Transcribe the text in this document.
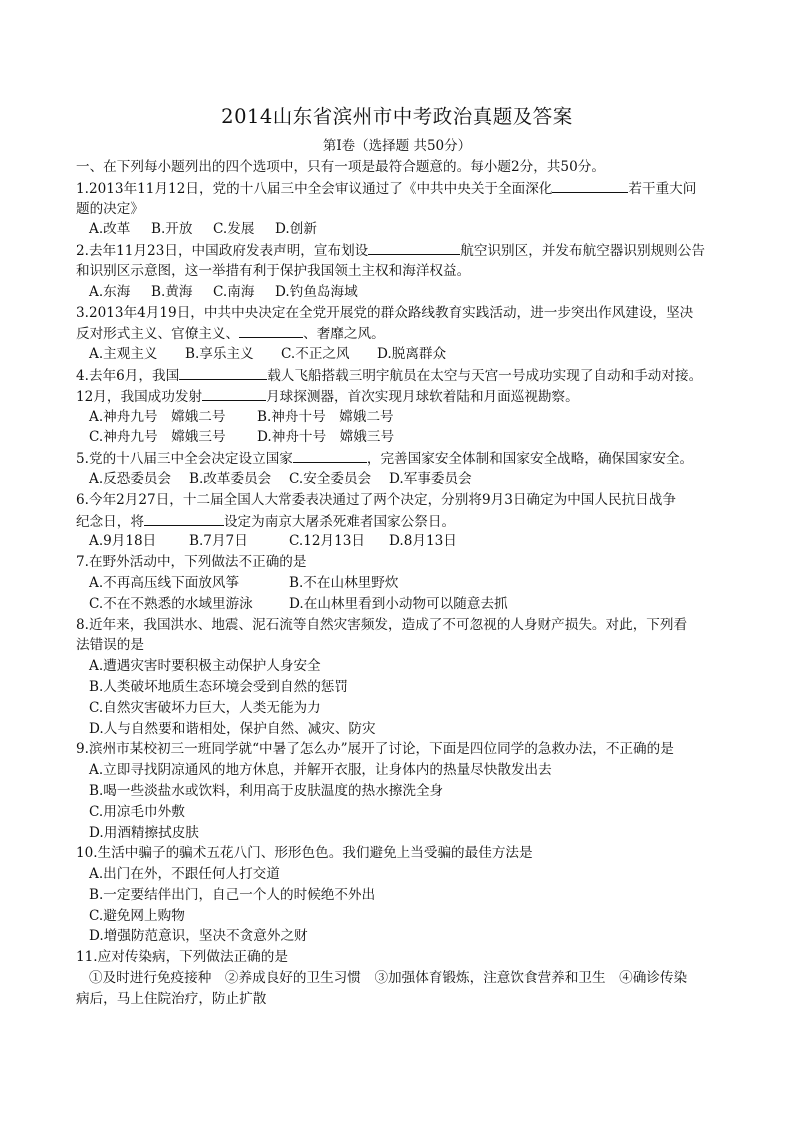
2014山东省滨州市中考政治真题及答案
第Ⅰ卷（选择题 共50分）
一、在下列每小题列出的四个选项中，只有一项是最符合题意的。每小题2分，共50分。
1.2013年11月12日，党的十八届三中全会审议通过了《中共中央关于全面深化	若干重大问
题的决定》
A.改革 B.开放 C.发展 D.创新
2.去年11月23日，中国政府发表声明，宣布划设	航空识别区，并发布航空器识别规则公告
和识别区示意图，这一举措有利于保护我国领土主权和海洋权益。
A.东海 B.黄海 C.南海 D.钓鱼岛海域
3.2013年4月19日，中共中央决定在全党开展党的群众路线教育实践活动，进一步突出作风建设，坚决
反对形式主义、官僚主义、	、奢靡之风。
A.主观主义 B.享乐主义 C.不正之风 D.脱离群众
4.去年6月，我国	载人飞船搭载三明宇航员在太空与天宫一号成功实现了自动和手动对接。
12月，我国成功发射	月球探测器，首次实现月球软着陆和月面巡视勘察。
A.神舟九号　嫦娥二号 B.神舟十号　嫦娥二号
C.神舟九号　嫦娥三号 D.神舟十号　嫦娥三号
5.党的十八届三中全会决定设立国家	，完善国家安全体制和国家安全战略，确保国家安全。
A.反恐委员会 B.改革委员会 C.安全委员会 D.军事委员会
6.今年2月27日，十二届全国人大常委表决通过了两个决定，分别将9月3日确定为中国人民抗日战争
纪念日，将	设定为南京大屠杀死难者国家公祭日。
A.9月18日 B.7月7日	C.12月13日 D.8月13日
7.在野外活动中，下列做法不正确的是
A.不再高压线下面放风筝	B.不在山林里野炊
C.不在不熟悉的水域里游泳	D.在山林里看到小动物可以随意去抓
8.近年来，我国洪水、地震、泥石流等自然灾害频发，造成了不可忽视的人身财产损失。对此，下列看
法错误的是
A.遭遇灾害时要积极主动保护人身安全
B.人类破坏地质生态环境会受到自然的惩罚
C.自然灾害破坏力巨大，人类无能为力
D.人与自然要和谐相处，保护自然、减灾、防灾
9.滨州市某校初三一班同学就“中暑了怎么办”展开了讨论，下面是四位同学的急救办法，不正确的是
A.立即寻找阴凉通风的地方休息，并解开衣服，让身体内的热量尽快散发出去
B.喝一些淡盐水或饮料，利用高于皮肤温度的热水擦洗全身
C.用凉毛巾外敷
D.用酒精擦拭皮肤
10.生活中骗子的骗术五花八门、形形色色。我们避免上当受骗的最佳方法是
A.出门在外，不跟任何人打交道
B.一定要结伴出门，自己一个人的时候绝不外出
C.避免网上购物
D.增强防范意识，坚决不贪意外之财
11.应对传染病，下列做法正确的是
①及时进行免疫接种　②养成良好的卫生习惯　③加强体育锻炼，注意饮食营养和卫生　④确诊传染
病后，马上住院治疗，防止扩散
